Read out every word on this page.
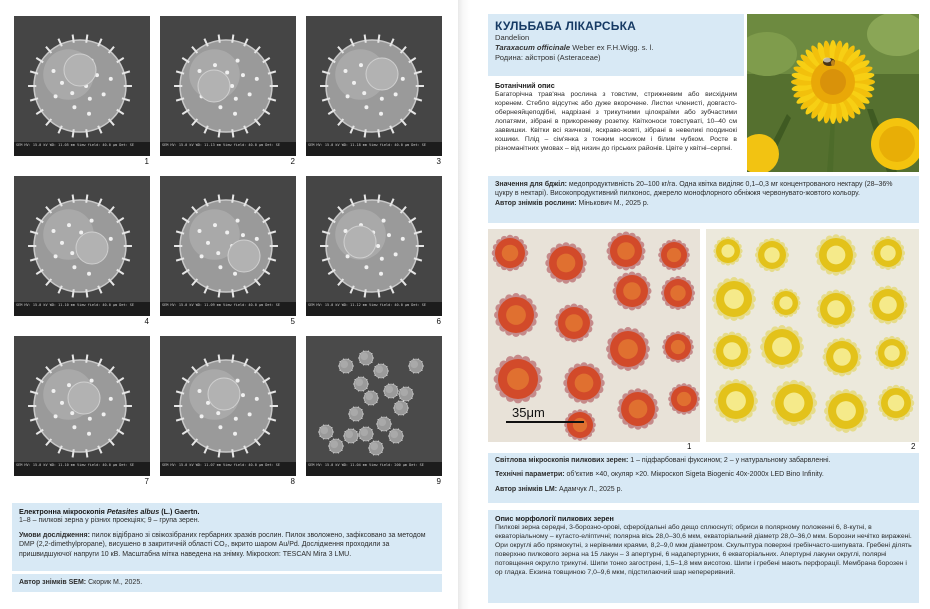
SEM HV: 15.0 kV WD: 11.05 mm View field: 40.0 μm Det: SE
1
SEM HV: 15.0 kV WD: 11.13 mm View field: 40.0 μm Det: SE
2
SEM HV: 15.0 kV WD: 11.18 mm View field: 40.0 μm Det: SE
3
SEM HV: 15.0 kV WD: 11.10 mm View field: 40.0 μm Det: SE
4
SEM HV: 15.0 kV WD: 11.09 mm View field: 40.0 μm Det: SE
5
SEM HV: 15.0 kV WD: 11.12 mm View field: 40.0 μm Det: SE
6
SEM HV: 15.0 kV WD: 11.10 mm View field: 40.0 μm Det: SE
7
SEM HV: 15.0 kV WD: 11.07 mm View field: 40.0 μm Det: SE
8
SEM HV: 15.0 kV WD: 11.04 mm View field: 200 μm Det: SE
9
Електронна мікроскопія Petasites albus (L.) Gaertn.
1–8 – пилкові зерна у різних проекціях; 9 – група зерен.
Умови дослідження: пилок відібрано зі свіжозібраних гербарних зразків рослин. Пилок зволожено, зафіксовано за методом DMP (2,2-dimethylpropane), висушено в закритичній області CO₂, вкрито шаром Au/Pd. Дослідження проходили за пришвидшуючої напруги 10 кВ. Масштабна мітка наведена на знімку. Мікроскоп: TESCAN Mira 3 LMU.
Автор знімків SEM: Скорик М., 2025.
КУЛЬБАБА ЛІКАРСЬКА
Dandelion
Taraxacum officinale Weber ex F.H.Wigg. s. l.
Родина: айстрові (Asteraceae)
Ботанічний опис
Багаторічна трав'яна рослина з товстим, стрижневим або висхідним коренем. Стебло відсутнє або дуже вкорочене. Листки членисті, довгасто-обернеяйцеподібні, надрізані з трикутними цілокраїми або зубчастими лопатями, зібрані в прикореневу розетку. Квітконоси товстуваті, 10–40 см заввишки. Квітки всі язичкові, яскраво-жовті, зібрані в невеликі поодинокі кошики. Плід – сім'янка з тонким носиком і білим чубком. Росте в різноманітних умовах – від низин до гірських районів. Цвіте у квітні–серпні.
Значення для бджіл: медопродуктивність 20–100 кг/га. Одна квітка виділяє 0,1–0,3 мг концентрованого нектару (28–36% цукру в нектарі). Високопродуктивний пилконос, джерело монофлорного обніжжя червонувато-жовтого кольору.
Автор знімків рослини: Мінькович М., 2025 р.
35μm
1	2
Світлова мікроскопія пилкових зерен: 1 – підфарбовані фуксином; 2 – у натуральному забарвленні.
Технічні параметри: об'єктив ×40, окуляр ×20. Мікроскоп Sigeta Biogenic 40x-2000x LED Bino Infinity.
Автор знімків LM: Адамчук Л., 2025 р.
Опис морфології пилкових зерен
Пилкові зерна середні, 3-борозно-орові, сфероїдальні або дещо сплюснуті; обриси в полярному положенні 6, 8-кутні, в екваторіальному – кутасто-еліптичні; полярна вісь 28,0–30,6 мкм, екваторіальний діаметр 28,0–36,0 мкм. Борозни нечітко виражені. Ори округлі або прямокутні, з нерівними краями, 8,2–9,0 мкм діаметром. Скульптура поверхні гребінчасто-шипувата. Гребені ділять поверхню пилкового зерна на 15 лакун – 3 апертурні, 6 надапертурних, 6 екваторіальних. Апертурні лакуни округлі, полярні потовщення округло трикутні. Шипи тонко загострені, 1,5–1,8 мкм висотою. Шипи і гребені мають перфорації. Мембрана борозен і ор гладка. Екзина товщиною 7,0–9,6 мкм, підстилаючий шар непереривний.
